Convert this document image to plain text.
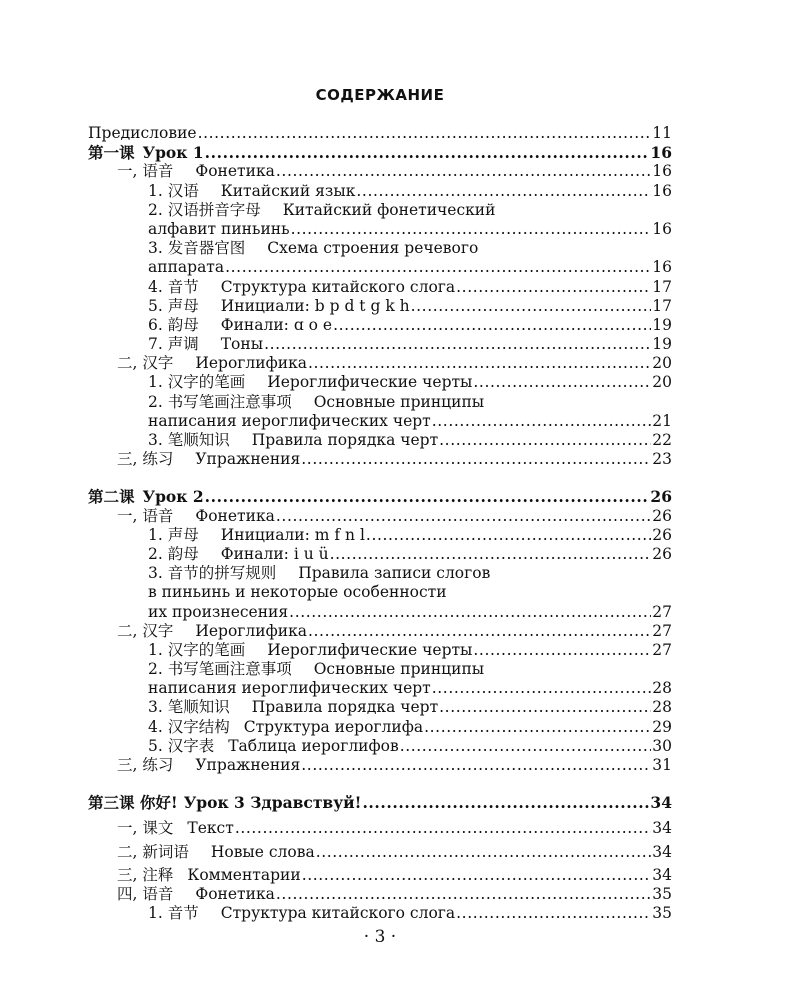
СОДЕРЖАНИЕ
Предисловие .....	11
第一课 Урок 1 .....	16
一, 语音 Фонетика .....	16
1. 汉语 Китайский язык .....	16
2. 汉语拼音字母 Китайский фонетический
алфавит пиньинь .....	16
3. 发音器官图 Схема строения речевого
аппарата .....	16
4. 音节 Структура китайского слога .....	17
5. 声母 Инициали: b p d t g k h .....	17
6. 韵母 Финали: ɑ o e .....	19
7. 声调 Тоны .....	19
二, 汉字 Иероглифика .....	20
1. 汉字的笔画 Иероглифические черты .....	20
2. 书写笔画注意事项 Основные принципы
написания иероглифических черт .....	21
3. 笔顺知识 Правила порядка черт .....	22
三, 练习 Упражнения .....	23
第二课 Урок 2 .....	26
一, 语音 Фонетика .....	26
1. 声母 Инициали: m f n l .....	26
2. 韵母 Финали: i u ü .....	26
3. 音节的拼写规则 Правила записи слогов
в пиньинь и некоторые особенности
их произнесения .....	27
二, 汉字 Иероглифика .....	27
1. 汉字的笔画 Иероглифические черты .....	27
2. 书写笔画注意事项 Основные принципы
написания иероглифических черт .....	28
3. 笔顺知识 Правила порядка черт .....	28
4. 汉字结构 Структура иероглифа .....	29
5. 汉字表 Таблица иероглифов .....	30
三, 练习 Упражнения .....	31
第三课 你好! Урок 3 Здравствуй! .....	34
一, 课文 Текст .....	34
二, 新词语 Новые слова .....	34
三, 注释 Комментарии .....	34
四, 语音 Фонетика .....	35
1. 音节 Структура китайского слога .....	35
· 3 ·
